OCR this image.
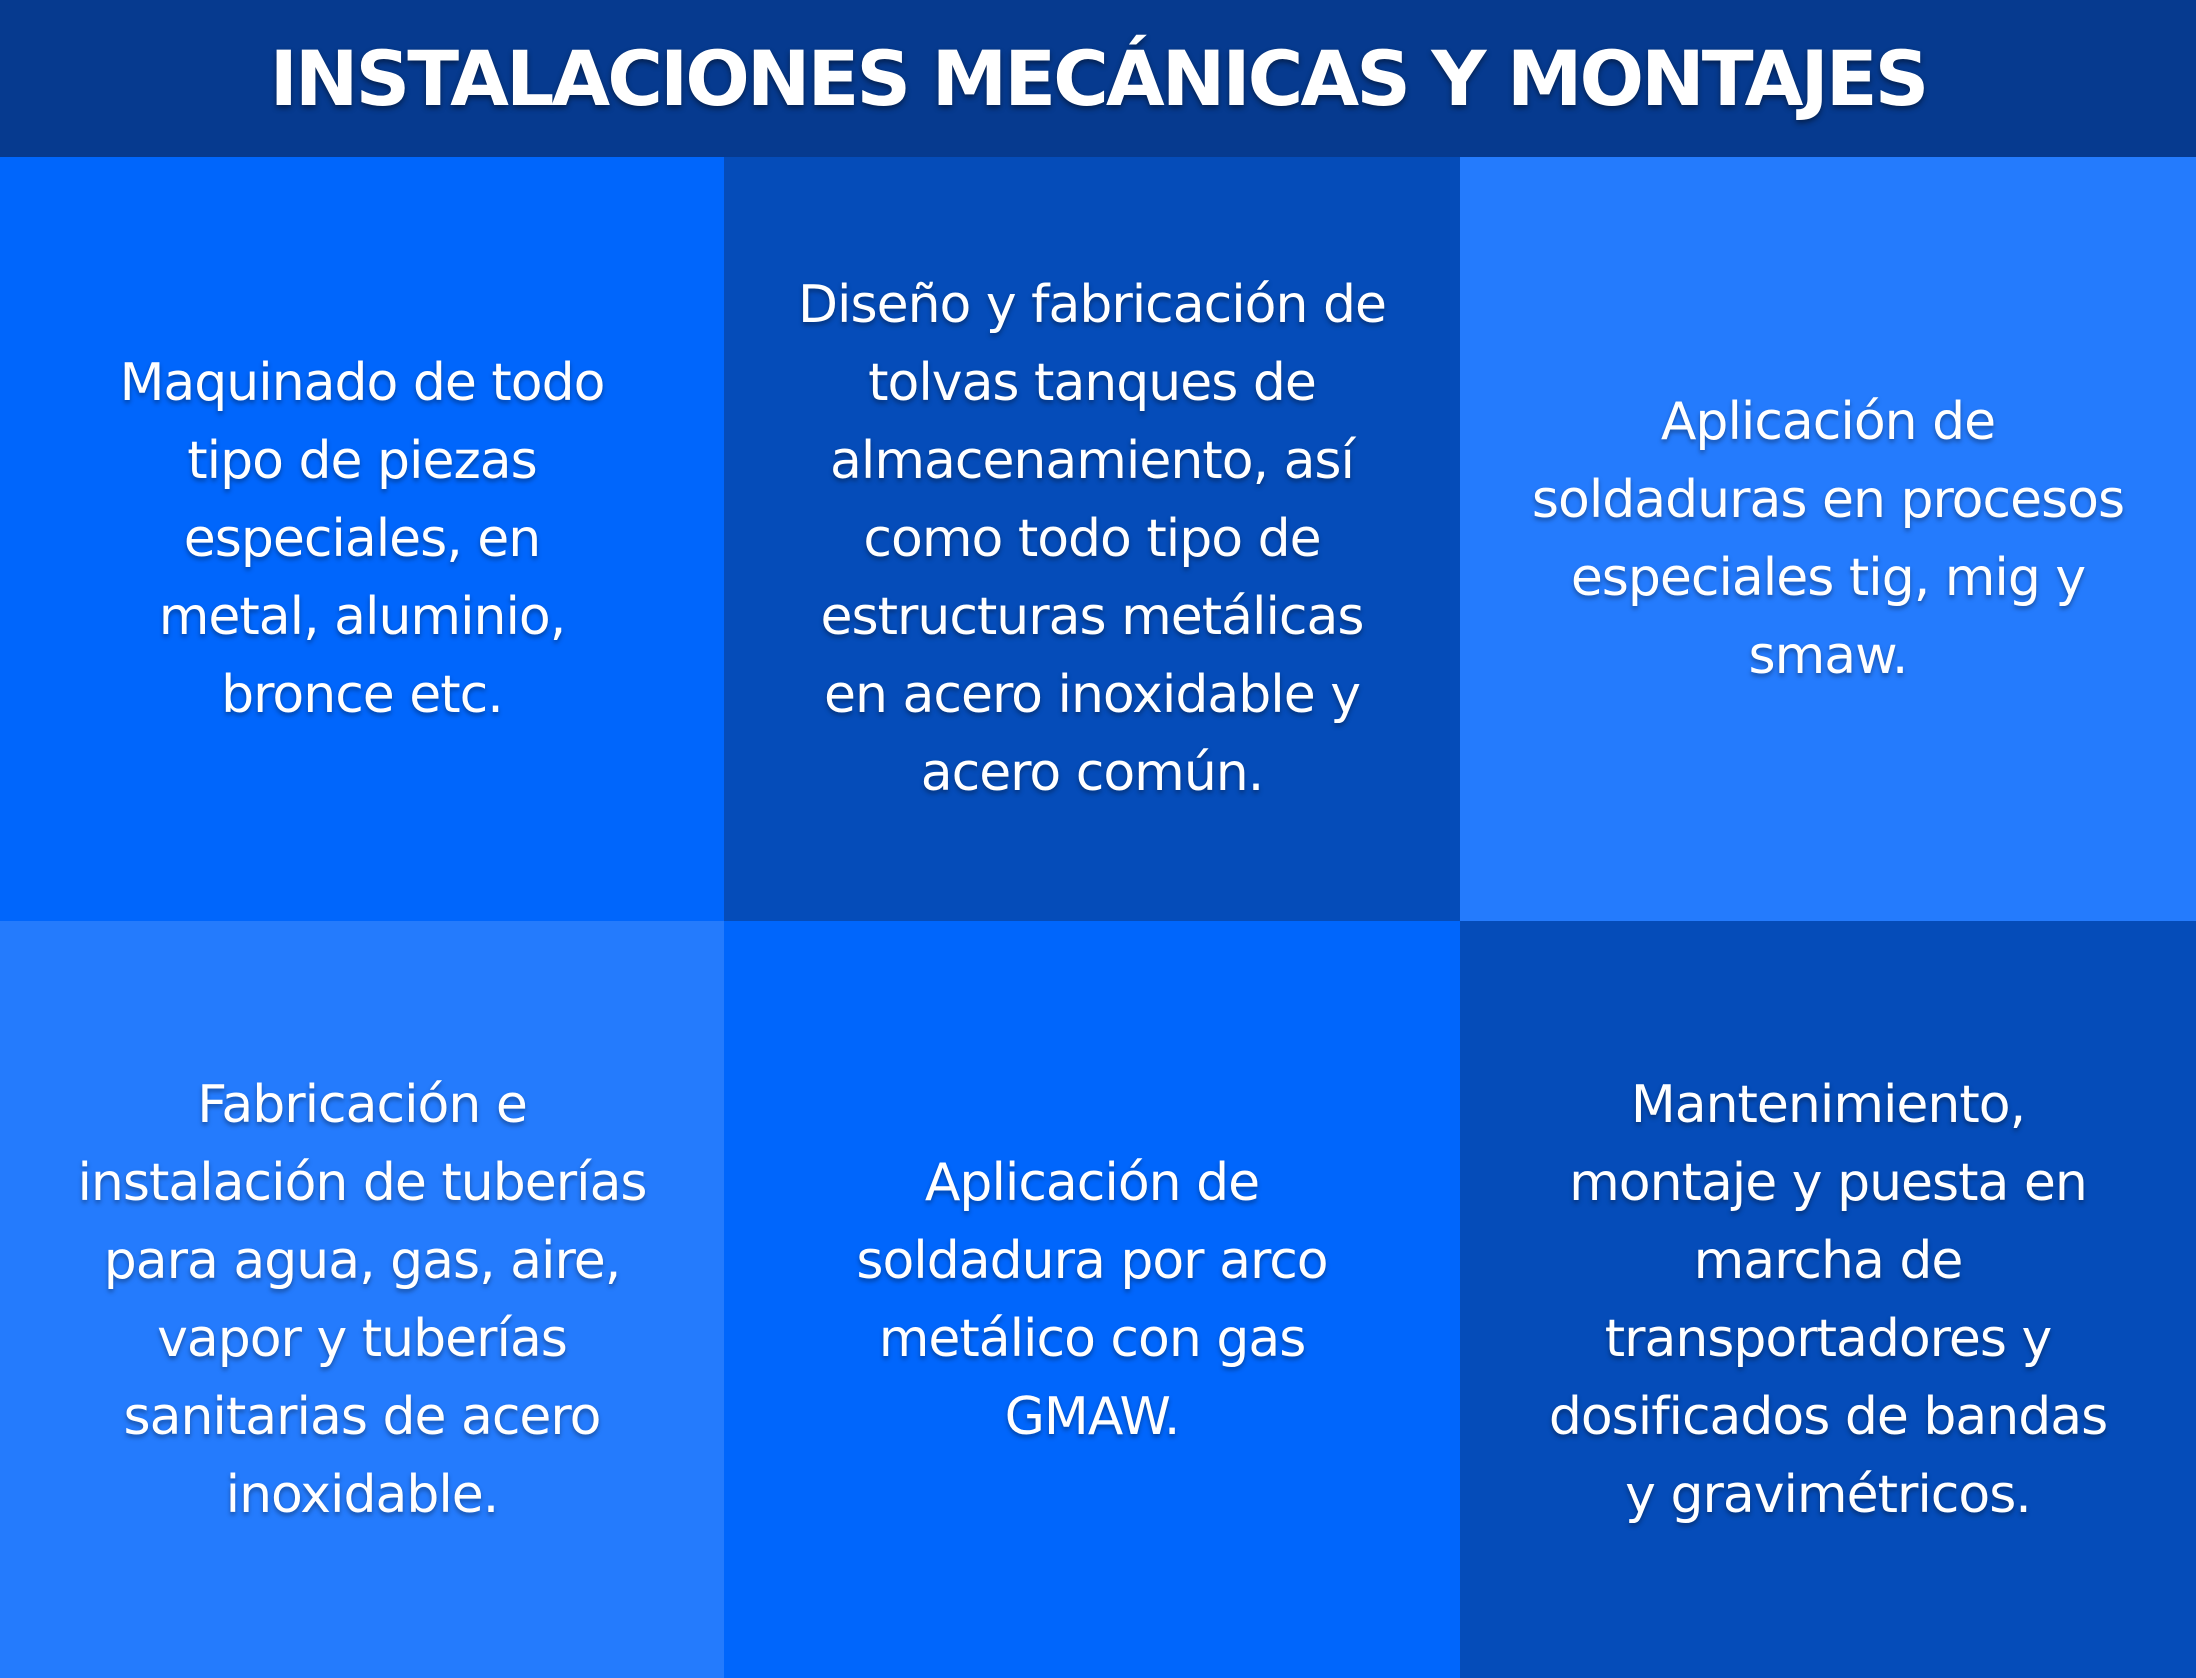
INSTALACIONES MECÁNICAS Y MONTAJES

Maquinado de todo tipo de piezas especiales, en metal, aluminio, bronce etc.

Diseño y fabricación de tolvas tanques de almacenamiento, así como todo tipo de estructuras metálicas en acero inoxidable y acero común.

Aplicación de soldaduras en procesos especiales tig, mig y smaw.

Fabricación e instalación de tuberías para agua, gas, aire, vapor y tuberías sanitarias de acero inoxidable.

Aplicación de soldadura por arco metálico con gas GMAW.

Mantenimiento, montaje y puesta en marcha de transportadores y dosificados de bandas y gravimétricos.
